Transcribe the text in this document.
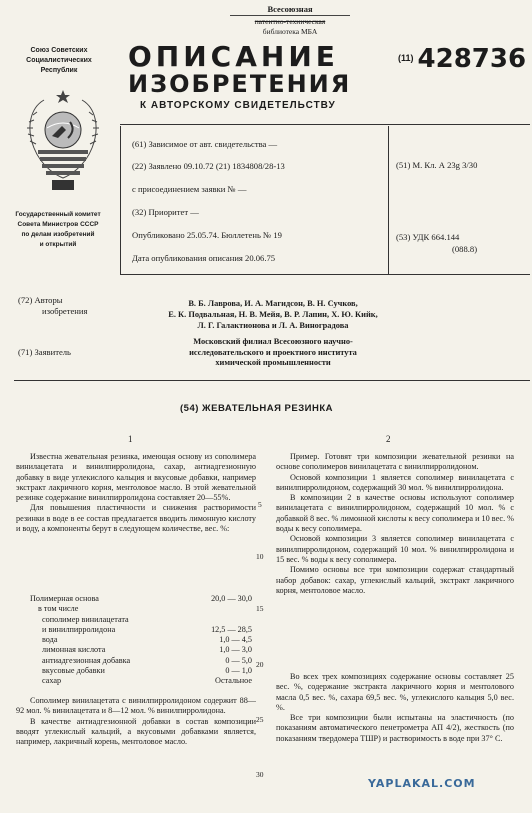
Всесоюзная
патентно-техническая
библиотека МБА
Союз Советских
Социалистических
Республик
Государственный комитет
Совета Министров СССР
по делам изобретений
и открытий
ОПИСАНИЕ
ИЗОБРЕТЕНИЯ
К АВТОРСКОМУ СВИДЕТЕЛЬСТВУ
$^{(11)}$ 428736
(61) Зависимое от авт. свидетельства —
(22) Заявлено 09.10.72 (21) 1834808/28-13
с присоединением заявки № —
(32) Приоритет —
Опубликовано 25.05.74. Бюллетень № 19
Дата опубликования описания 20.06.75
(51) М. Кл. А 23g 3/30
(53) УДК 664.144
(088.8)
(72) Авторы
изобретения
В. Б. Лаврова, И. А. Магидсон, В. Н. Сучков,
Е. К. Подвальная, Н. В. Мейя, В. Р. Лапин, Х. Ю. Кийк,
Л. Г. Галактионова и Л. А. Виноградова
(71) Заявитель
Московский филиал Всесоюзного научно-
исследовательского и проектного института
химической промышленности
(54) ЖЕВАТЕЛЬНАЯ РЕЗИНКА
1

Известна жевательная резинка, имеющая основу из сополимера винилацетата и винилпирролидона, сахар, антиадгезионную добавку в виде углекислого кальция и вкусовые добавки, например экстракт лакричного корня, ментоловое масло. В этой жевательной резинке содержание винилпирролидона составляет 20—55%.

Для повышения пластичности и снижения растворимости резинки в воде в ее состав предлагается вводить лимонную кислоту и воду, а компоненты берут в следующем количестве, вес. %:

Полимерная основа	20,0 — 30,0
в том числе
сополимер винилацетата
и винилпирролидона	12,5 — 28,5
вода	1,0 — 4,5
лимонная кислота	1,0 — 3,0
антиадгезионная добавка	0 — 5,0
вкусовые добавки	0 — 1,0
сахар	Остальное

Сополимер винилацетата с винилпирролидоном содержит 88—92 мол. % винилацетата и 8—12 мол. % винилпирролидона.

В качестве антиадгезионной добавки в состав композиции вводят углекислый кальций, а вкусовыми добавками является, например, лакричный корень, ментоловое масло.

5
10
15
20
25
30
2

Пример. Готовят три композиции жевательной резинки на основе сополимеров винилацетата с винилпирролидоном.

Основой композиции 1 является сополимер винилацетата с винилпирролидоном, содержащий 30 мол. % винилпирролидона.

В композиции 2 в качестве основы используют сополимер винилацетата с винилпирролидоном, содержащий 10 мол. % с добавкой 8 вес. % лимонной кислоты к весу сополимера и 10 вес. % воды к весу сополимера.

Основой композиции 3 является сополимер винилацетата с винилпирролидоном, содержащий 10 мол. % винилпирролидона и 15 вес. % воды к весу сополимера.

Помимо основы все три композиции содержат стандартный набор добавок: сахар, углекислый кальций, экстракт лакричного корня, ментоловое масло.

Во всех трех композициях содержание основы составляет 25 вес. %, содержание экстракта лакричного корня и ментолового масла 0,5 вес. %, сахара 69,5 вес. %, углекислого кальция 5,0 вес. %.

Все три композиции были испытаны на эластичность (по показаниям автоматического пенетрометра АП 4/2), жесткость (по показаниям твердомера ТШР) и растворимость в воде при 37° С.

YAPLAKAL.COM
